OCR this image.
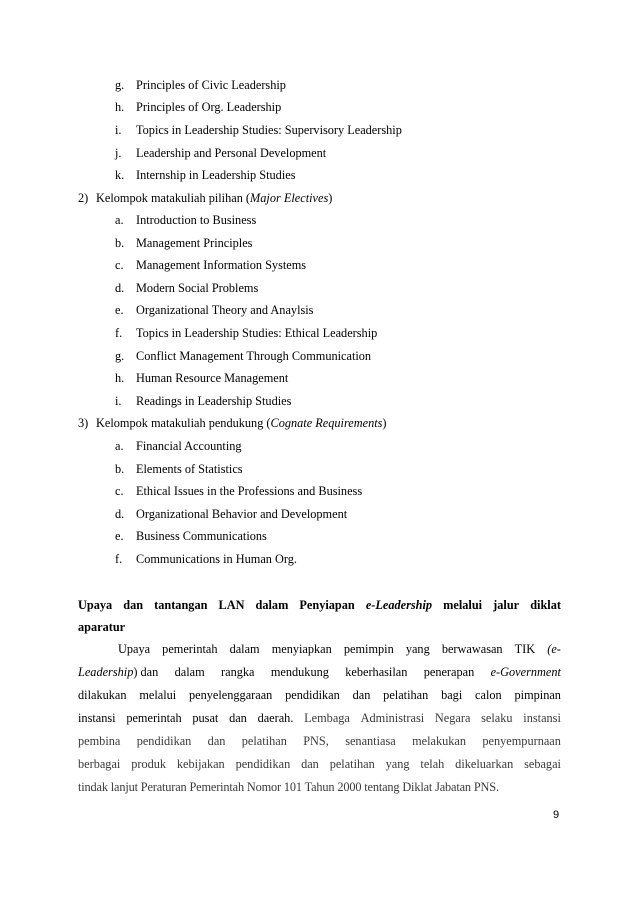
g. Principles of Civic Leadership
h. Principles of Org. Leadership
i. Topics in Leadership Studies: Supervisory Leadership
j. Leadership and Personal Development
k. Internship in Leadership Studies
2) Kelompok matakuliah pilihan (Major Electives)
a. Introduction to Business
b. Management Principles
c. Management Information Systems
d. Modern Social Problems
e. Organizational Theory and Anaylsis
f. Topics in Leadership Studies: Ethical Leadership
g. Conflict Management Through Communication
h. Human Resource Management
i. Readings in Leadership Studies
3) Kelompok matakuliah pendukung (Cognate Requirements)
a. Financial Accounting
b. Elements of Statistics
c. Ethical Issues in the Professions and Business
d. Organizational Behavior and Development
e. Business Communications
f. Communications in Human Org.
Upaya dan tantangan LAN dalam Penyiapan e-Leadership melalui jalur diklat
aparatur
Upaya pemerintah dalam menyiapkan pemimpin yang berwawasan TIK (e-
Leadership) dan dalam rangka mendukung keberhasilan penerapan e-Government
dilakukan melalui penyelenggaraan pendidikan dan pelatihan bagi calon pimpinan
instansi pemerintah pusat dan daerah. Lembaga Administrasi Negara selaku instansi
pembina pendidikan dan pelatihan PNS, senantiasa melakukan penyempurnaan
berbagai produk kebijakan pendidikan dan pelatihan yang telah dikeluarkan sebagai
tindak lanjut Peraturan Pemerintah Nomor 101 Tahun 2000 tentang Diklat Jabatan PNS.
9
